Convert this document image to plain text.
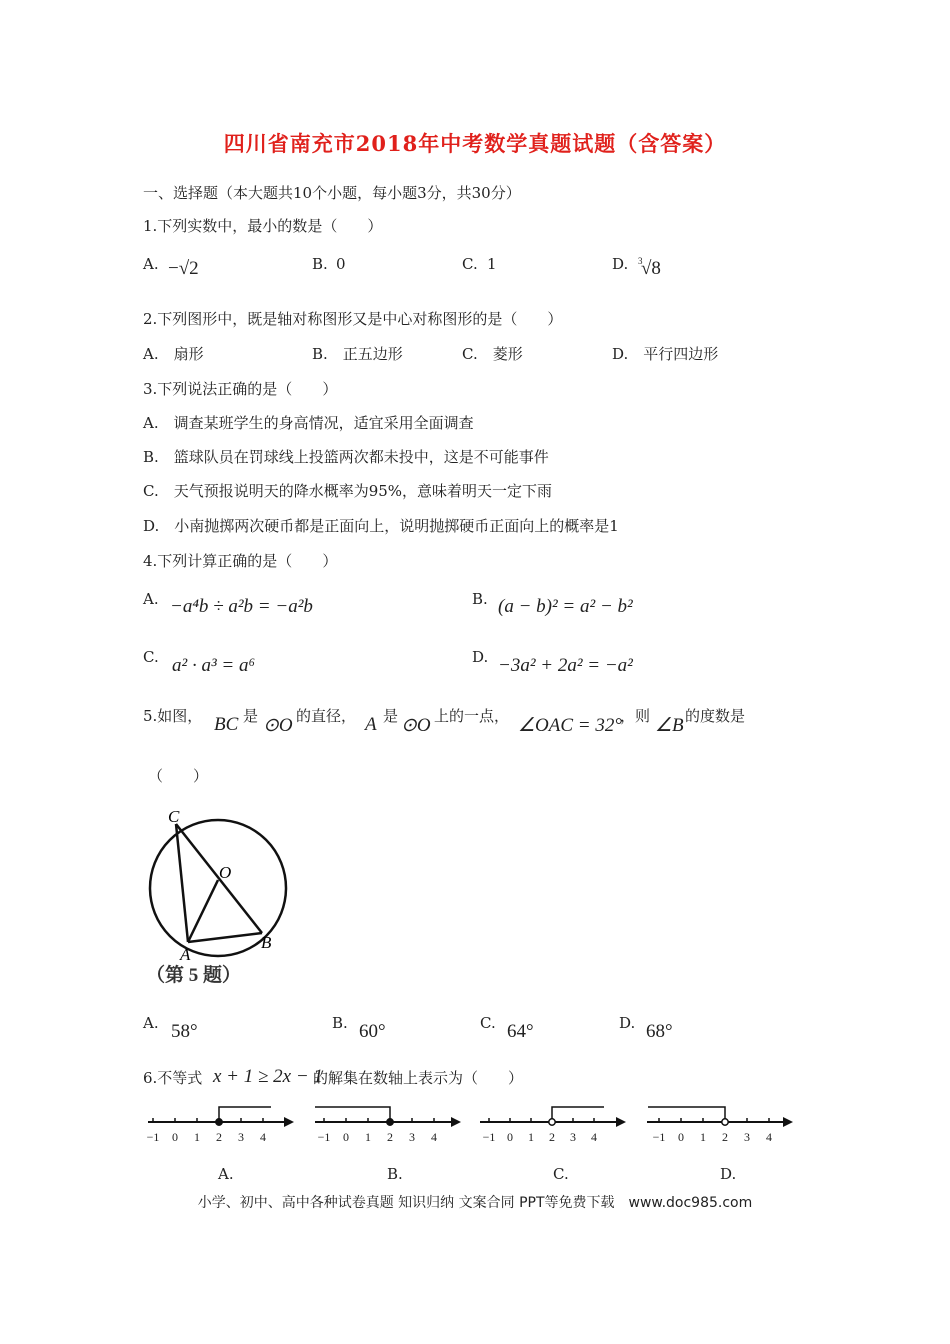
四川省南充市2018年中考数学真题试题（含答案）
一、选择题（本大题共10个小题，每小题3分，共30分）
1.下列实数中，最小的数是（　　）
A. −√2	B. 0	C. 1	D. 3
√8
2.下列图形中，既是轴对称图形又是中心对称图形的是（　　）
A.　扇形	B.　正五边形	C.　菱形	D.　平行四边形
3.下列说法正确的是（　　）
A.　调查某班学生的身高情况，适宜采用全面调查
B.　篮球队员在罚球线上投篮两次都未投中，这是不可能事件
C.　天气预报说明天的降水概率为95%，意味着明天一定下雨
D.　小南抛掷两次硬币都是正面向上，说明抛掷硬币正面向上的概率是1
4.下列计算正确的是（　　）
A. −a⁴b ÷ a²b = −a²b	B. (a − b)² = a² − b²
C. a² · a³ = a⁶	D. −3a² + 2a² = −a²
5.如图， BC 是 ⊙O 的直径， A 是 ⊙O 上的一点， ∠OAC = 32°
，则 ∠B 的度数是
（　　）
C
O
A
B
（第 5 题）
A. 58°	B. 60°	C. 64°	D. 68°
6.不等式 x + 1 ≥ 2x − 1
的解集在数轴上表示为（　　）
−1 0 1 2 3 4	−1 0 1 2 3 4	−1 0 1 2 3 4	−1 0 1 2 3 4
A.	B.	C.	D.
小学、初中、高中各种试卷真题 知识归纳 文案合同 PPT等免费下载　www.doc985.com
